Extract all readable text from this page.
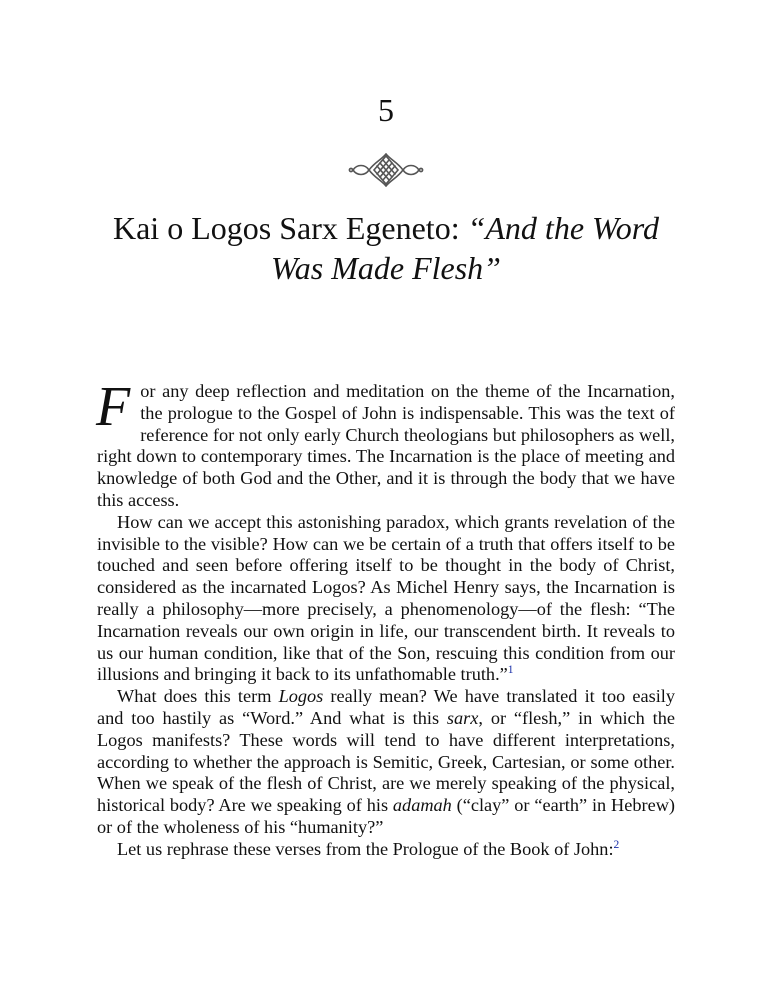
5
Kai o Logos Sarx Egeneto: “And the Word
Was Made Flesh”

For any deep reflection and meditation on the theme of the Incarnation, the prologue to the Gospel of John is indispensable. This was the text of reference for not only early Church theologians but philosophers as well, right down to contemporary times. The Incarnation is the place of meeting and knowledge of both God and the Other, and it is through the body that we have this access.

How can we accept this astonishing paradox, which grants revelation of the invisible to the visible? How can we be certain of a truth that offers itself to be touched and seen before offering itself to be thought in the body of Christ, considered as the incarnated Logos? As Michel Henry says, the Incarnation is really a philosophy—more precisely, a phenomenology—of the flesh: “The Incarnation reveals our own origin in life, our transcendent birth. It reveals to us our human condition, like that of the Son, rescuing this condition from our illusions and bringing it back to its unfathomable truth.”$^1$

What does this term Logos really mean? We have translated it too easily and too hastily as “Word.” And what is this sarx, or “flesh,” in which the Logos manifests? These words will tend to have different interpretations, according to whether the approach is Semitic, Greek, Cartesian, or some other. When we speak of the flesh of Christ, are we merely speaking of the physical, historical body? Are we speaking of his adamah (“clay” or “earth” in Hebrew) or of the wholeness of his “humanity?”

Let us rephrase these verses from the Prologue of the Book of John:$^2$
